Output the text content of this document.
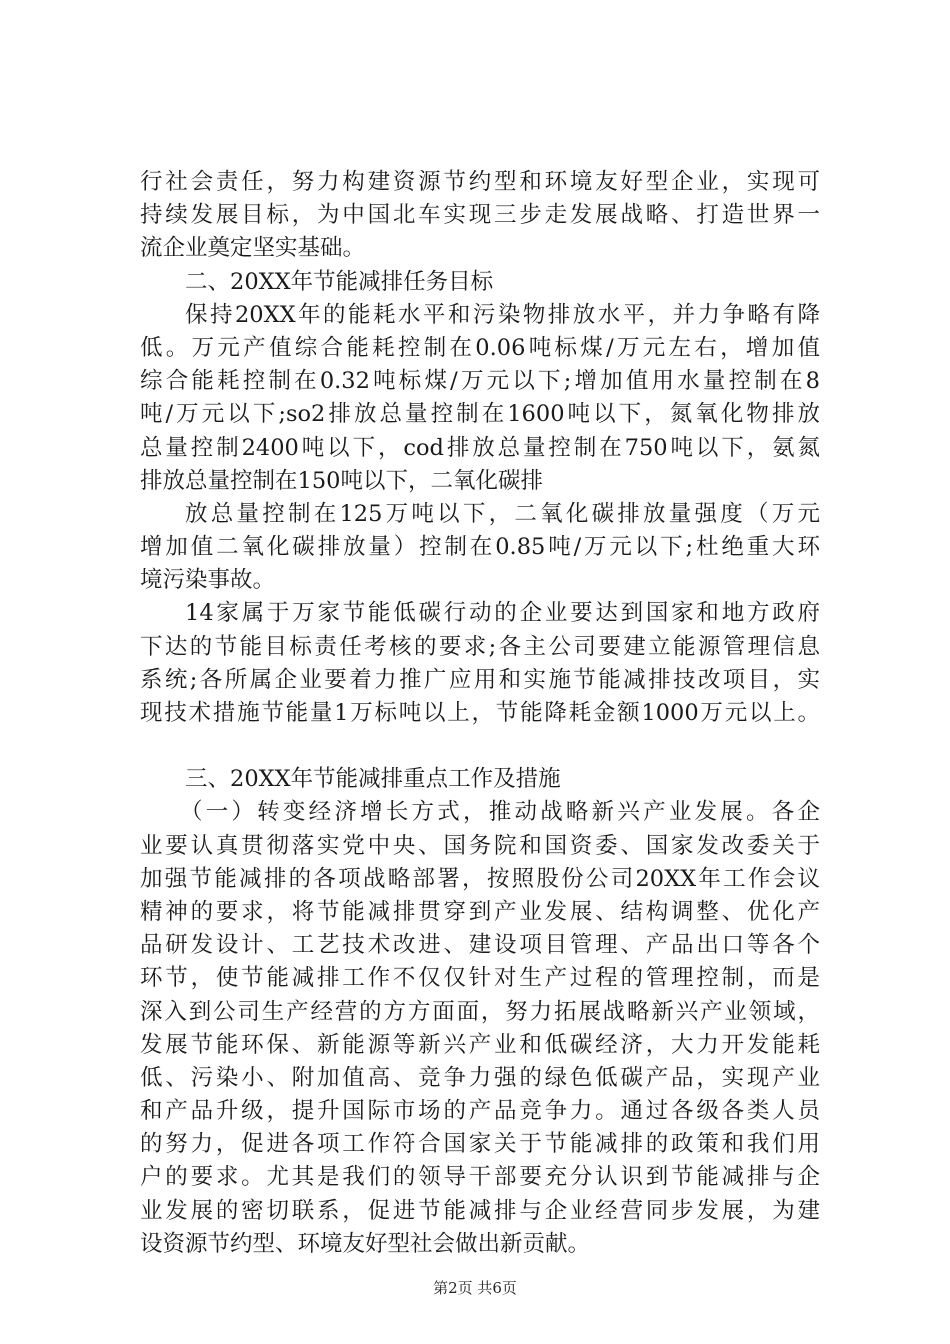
行社会责任，努力构建资源节约型和环境友好型企业，实现可
持续发展目标，为中国北车实现三步走发展战略、打造世界一
流企业奠定坚实基础。
二、20XX年节能减排任务目标
保持20XX年的能耗水平和污染物排放水平，并力争略有降
低。万元产值综合能耗控制在0.06吨标煤/万元左右，增加值
综合能耗控制在0.32吨标煤/万元以下;增加值用水量控制在8
吨/万元以下;so2排放总量控制在1600吨以下，氮氧化物排放
总量控制2400吨以下，cod排放总量控制在750吨以下，氨氮
排放总量控制在150吨以下，二氧化碳排
放总量控制在125万吨以下，二氧化碳排放量强度（万元
增加值二氧化碳排放量）控制在0.85吨/万元以下;杜绝重大环
境污染事故。
14家属于万家节能低碳行动的企业要达到国家和地方政府
下达的节能目标责任考核的要求;各主公司要建立能源管理信息
系统;各所属企业要着力推广应用和实施节能减排技改项目，实
现技术措施节能量1万标吨以上，节能降耗金额1000万元以上。
三、20XX年节能减排重点工作及措施
（一）转变经济增长方式，推动战略新兴产业发展。各企
业要认真贯彻落实党中央、国务院和国资委、国家发改委关于
加强节能减排的各项战略部署，按照股份公司20XX年工作会议
精神的要求，将节能减排贯穿到产业发展、结构调整、优化产
品研发设计、工艺技术改进、建设项目管理、产品出口等各个
环节，使节能减排工作不仅仅针对生产过程的管理控制，而是
深入到公司生产经营的方方面面，努力拓展战略新兴产业领域，
发展节能环保、新能源等新兴产业和低碳经济，大力开发能耗
低、污染小、附加值高、竞争力强的绿色低碳产品，实现产业
和产品升级，提升国际市场的产品竞争力。通过各级各类人员
的努力，促进各项工作符合国家关于节能减排的政策和我们用
户的要求。尤其是我们的领导干部要充分认识到节能减排与企
业发展的密切联系，促进节能减排与企业经营同步发展，为建
设资源节约型、环境友好型社会做出新贡献。
第2页 共6页
